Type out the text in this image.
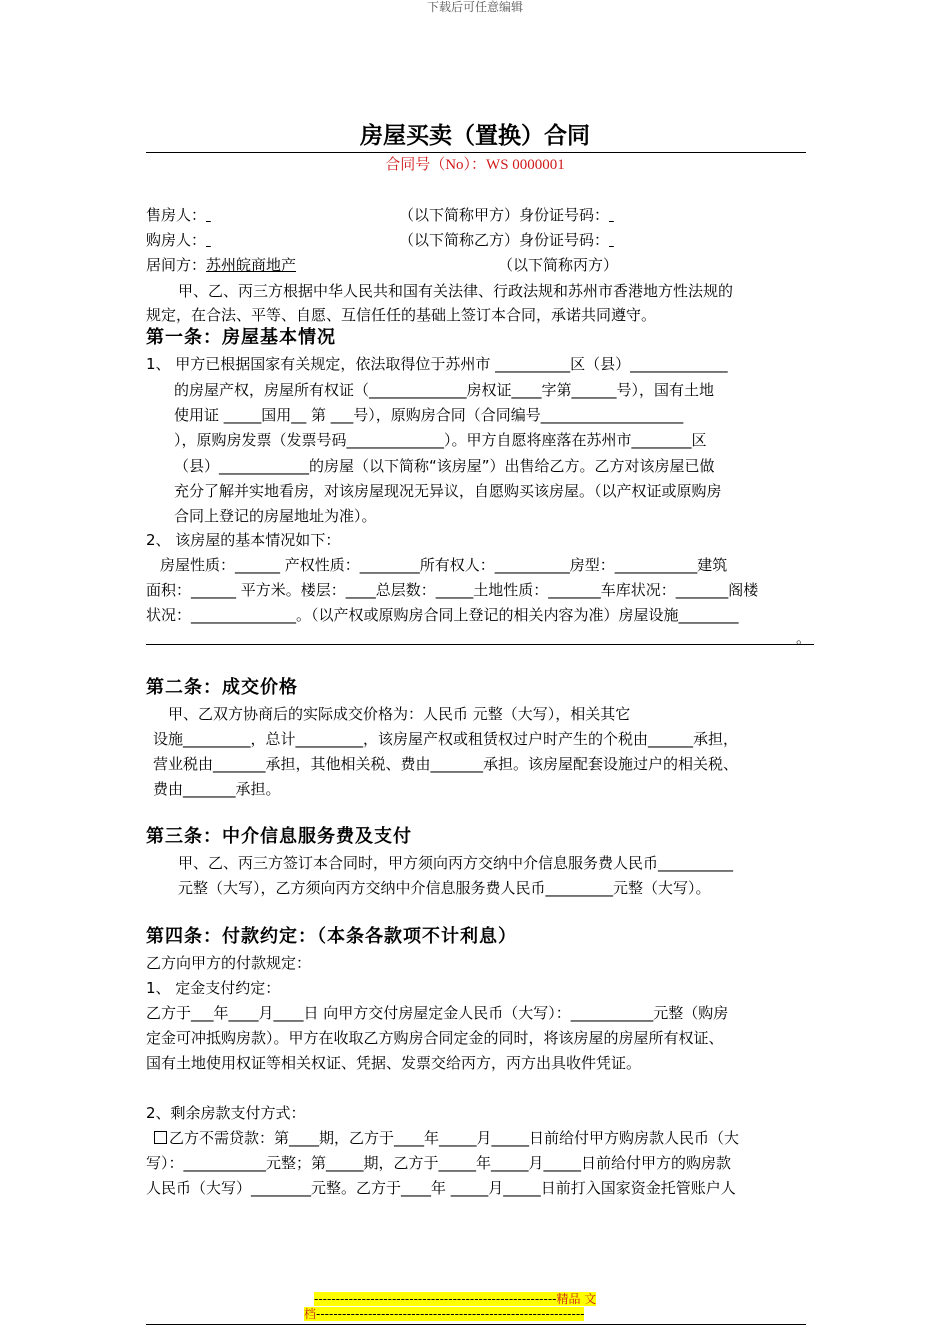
下载后可任意编辑
房屋买卖（置换）合同
合同号（No）：WS 0000001
售房人：	（以下简称甲方）身份证号码：
购房人：	（以下简称乙方）身份证号码：
居间方：苏州皖商地产	（以下简称丙方）
甲、乙、丙三方根据中华人民共和国有关法律、行政法规和苏州市香港地方性法规的
规定，在合法、平等、自愿、互信任任的基础上签订本合同，承诺共同遵守。
第一条：房屋基本情况
1、 甲方已根据国家有关规定，依法取得位于苏州市 __________区（县）_____________
的房屋产权，房屋所有权证（_____________房权证____字第______号），国有土地
使用证 _____国用__ 第 ___号），原购房合同（合同编号___________________
），原购房发票（发票号码_____________）。甲方自愿将座落在苏州市________区
（县）____________的房屋（以下简称“该房屋”）出售给乙方。乙方对该房屋已做
充分了解并实地看房，对该房屋现况无异议，自愿购买该房屋。（以产权证或原购房
合同上登记的房屋地址为准）。
2、 该房屋的基本情况如下：
房屋性质：______ 产权性质：________所有权人：__________房型：___________建筑
面积：______ 平方米。楼层：____总层数：_____土地性质：_______车库状况：_______阁楼
状况：______________。（以产权或原购房合同上登记的相关内容为准）房屋设施________
。
第二条：成交价格
甲、乙双方协商后的实际成交价格为：人民币 元整（大写），相关其它
设施_________，总计_________，该房屋产权或租赁权过户时产生的个税由______承担，
营业税由_______承担，其他相关税、费由_______承担。该房屋配套设施过户的相关税、
费由_______承担。
第三条：中介信息服务费及支付
甲、乙、丙三方签订本合同时，甲方须向丙方交纳中介信息服务费人民币__________
元整（大写），乙方须向丙方交纳中介信息服务费人民币_________元整（大写）。
第四条：付款约定：（本条各款项不计利息）
乙方向甲方的付款规定：
1、 定金支付约定：
乙方于___年____月____日 向甲方交付房屋定金人民币（大写）：___________元整（购房
定金可冲抵购房款）。甲方在收取乙方购房合同定金的同时，将该房屋的房屋所有权证、
国有土地使用权证等相关权证、凭据、发票交给丙方，丙方出具收件凭证。
2、剩余房款支付方式：
乙方不需贷款：第____期，乙方于____年_____月_____日前给付甲方购房款人民币（大
写）：___________元整；第_____期，乙方于_____年_____月_____日前给付甲方的购房款
人民币（大写）________元整。乙方于____年 _____月_____日前打入国家资金托管账户人
--------------------------------------------------------精品 文
档--------------------------------------------------------------
